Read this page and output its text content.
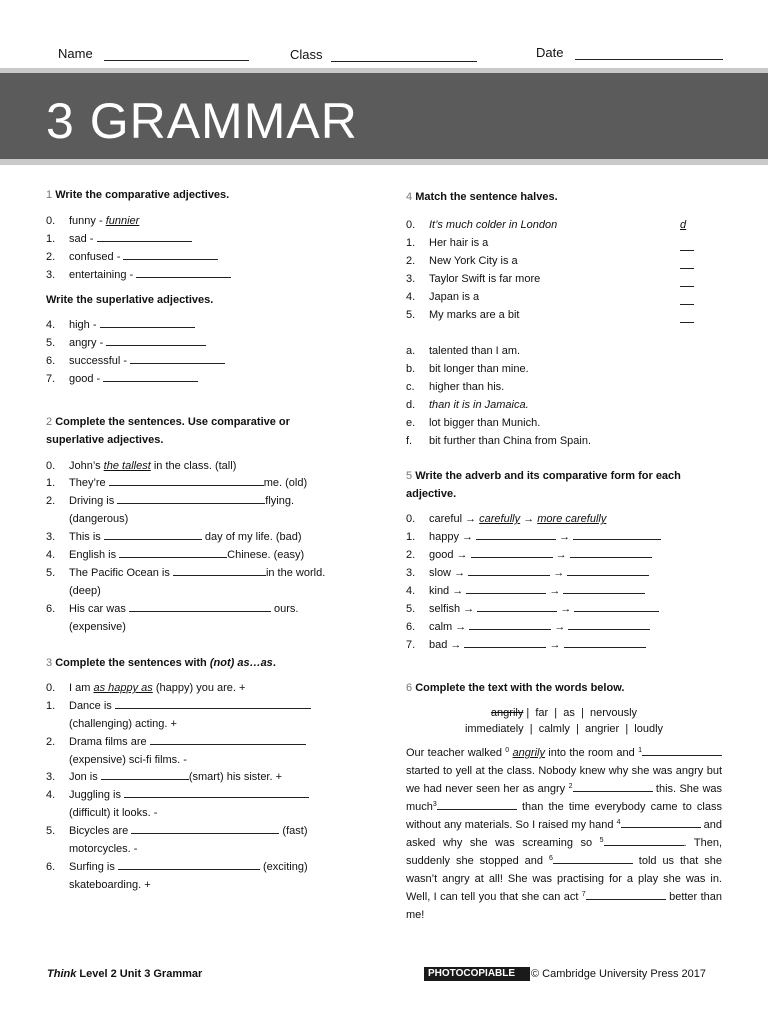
Name	Class	Date
3 GRAMMAR
1 Write the comparative adjectives.
0. funny - funnier
1. sad -
2. confused -
3. entertaining -
Write the superlative adjectives.
4. high -
5. angry -
6. successful -
7. good -
2 Complete the sentences. Use comparative or
superlative adjectives.
0. John’s the tallest in the class. (tall)
1. They’re	me. (old)
2. Driving is	flying.
(dangerous)
3. This is	day of my life. (bad)
4. English is	Chinese. (easy)
5. The Pacific Ocean is	in the world.
(deep)
6. His car was	ours.
(expensive)
3 Complete the sentences with (not) as…as.
0. I am as happy as (happy) you are. +
1. Dance is
(challenging) acting. +
2. Drama films are
(expensive) sci-fi films. -
3. Jon is	(smart) his sister. +
4. Juggling is
(difficult) it looks. -
5. Bicycles are	(fast)
motorcycles. -
6. Surfing is	(exciting)
skateboarding. +
4 Match the sentence halves.
0. It’s much colder in London	d
1. Her hair is a
2. New York City is a
3. Taylor Swift is far more
4. Japan is a
5. My marks are a bit
a. talented than I am.
b. bit longer than mine.
c. higher than his.
d. than it is in Jamaica.
e. lot bigger than Munich.
f. bit further than China from Spain.
5 Write the adverb and its comparative form for each
adjective.
0. careful → carefully → more carefully
1. happy →	→
2. good →	→
3. slow →	→
4. kind →	→
5. selfish →	→
6. calm →	→
7. bad →	→
6 Complete the text with the words below.
angrily |  far  |  as  |  nervously
immediately  |  calmly  |  angrier  |  loudly
Our teacher walked $^0$ angrily into the room and $^1$ started to yell at the class. Nobody knew why she was angry but we had never seen her as angry $^2$	this. She was much$^3$	than the time everybody came to class without any materials. So I raised my hand $^4$	and asked why she was screaming so $^5$	. Then, suddenly she stopped and $^6$	told us that she wasn’t angry at all! She was practising for a play she was in. Well, I can tell you that she can act $^7$	better than me!
Think Level 2 Unit 3 Grammar	PHOTOCOPIABLE	© Cambridge University Press 2017
